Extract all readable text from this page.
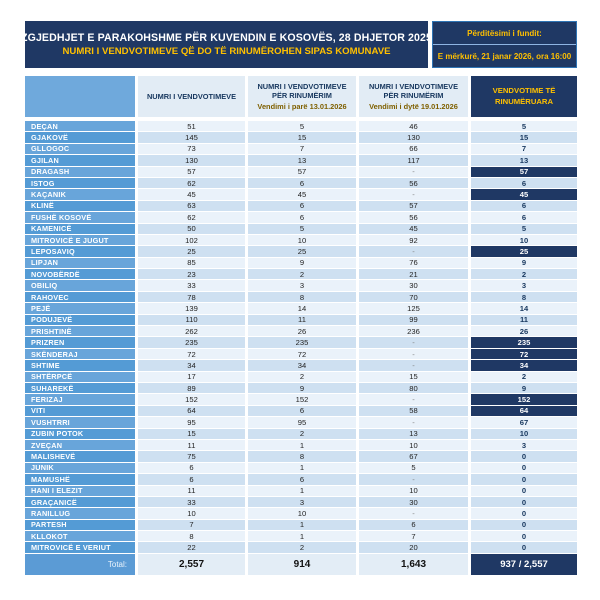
ZGJEDHJET E PARAKOHSHME PËR KUVENDIN E KOSOVËS, 28 DHJETOR 2025
NUMRI I VENDVOTIMEVE QË DO TË RINUMËROHEN SIPAS KOMUNAVE
Përditësimi i fundit:
E mërkurë, 21 janar 2026, ora 16:00
NUMRI I VENDVOTIMEVE
NUMRI I VENDVOTIMEVE PËR RINUMËRIM
Vendimi i parë 13.01.2026
NUMRI I VENDVOTIMEVE PËR RINUMËRIM
Vendimi i dytë 19.01.2026
VENDVOTIME TË RINUMËRUARA
DEÇAN	51	5	46	5
GJAKOVË	145	15	130	15
GLLOGOC	73	7	66	7
GJILAN	130	13	117	13
DRAGASH	57	57	-	57
ISTOG	62	6	56	6
KAÇANIK	45	45	-	45
KLINË	63	6	57	6
FUSHË KOSOVË	62	6	56	6
KAMENICË	50	5	45	5
MITROVICË E JUGUT	102	10	92	10
LEPOSAVIQ	25	25	-	25
LIPJAN	85	9	76	9
NOVOBËRDË	23	2	21	2
OBILIQ	33	3	30	3
RAHOVEC	78	8	70	8
PEJË	139	14	125	14
PODUJEVË	110	11	99	11
PRISHTINË	262	26	236	26
PRIZREN	235	235	-	235
SKËNDERAJ	72	72	-	72
SHTIME	34	34	-	34
SHTËRPCË	17	2	15	2
SUHAREKË	89	9	80	9
FERIZAJ	152	152	-	152
VITI	64	6	58	64
VUSHTRRI	95	95	-	67
ZUBIN POTOK	15	2	13	10
ZVEÇAN	11	1	10	3
MALISHEVË	75	8	67	0
JUNIK	6	1	5	0
MAMUSHË	6	6	-	0
HANI I ELEZIT	11	1	10	0
GRAÇANICË	33	3	30	0
RANILLUG	10	10	-	0
PARTESH	7	1	6	0
KLLOKOT	8	1	7	0
MITROVICË E VERIUT	22	2	20	0
Total:	2,557	914	1,643	937 / 2,557
